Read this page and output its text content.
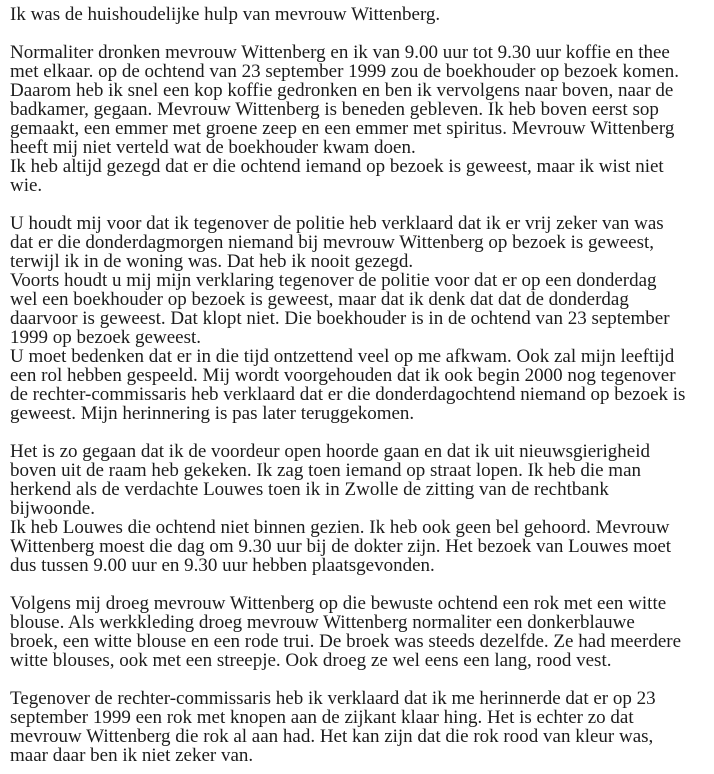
Ik was de huishoudelijke hulp van mevrouw Wittenberg.

Normaliter dronken mevrouw Wittenberg en ik van 9.00 uur tot 9.30 uur koffie en thee
met elkaar. op de ochtend van 23 september 1999 zou de boekhouder op bezoek komen.
Daarom heb ik snel een kop koffie gedronken en ben ik vervolgens naar boven, naar de
badkamer, gegaan. Mevrouw Wittenberg is beneden gebleven. Ik heb boven eerst sop
gemaakt, een emmer met groene zeep en een emmer met spiritus. Mevrouw Wittenberg
heeft mij niet verteld wat de boekhouder kwam doen.
Ik heb altijd gezegd dat er die ochtend iemand op bezoek is geweest, maar ik wist niet
wie.

U houdt mij voor dat ik tegenover de politie heb verklaard dat ik er vrij zeker van was
dat er die donderdagmorgen niemand bij mevrouw Wittenberg op bezoek is geweest,
terwijl ik in de woning was. Dat heb ik nooit gezegd.
Voorts houdt u mij mijn verklaring tegenover de politie voor dat er op een donderdag
wel een boekhouder op bezoek is geweest, maar dat ik denk dat dat de donderdag
daarvoor is geweest. Dat klopt niet. Die boekhouder is in de ochtend van 23 september
1999 op bezoek geweest.
U moet bedenken dat er in die tijd ontzettend veel op me afkwam. Ook zal mijn leeftijd
een rol hebben gespeeld. Mij wordt voorgehouden dat ik ook begin 2000 nog tegenover
de rechter-commissaris heb verklaard dat er die donderdagochtend niemand op bezoek is
geweest. Mijn herinnering is pas later teruggekomen.

Het is zo gegaan dat ik de voordeur open hoorde gaan en dat ik uit nieuwsgierigheid
boven uit de raam heb gekeken. Ik zag toen iemand op straat lopen. Ik heb die man
herkend als de verdachte Louwes toen ik in Zwolle de zitting van de rechtbank
bijwoonde.
Ik heb Louwes die ochtend niet binnen gezien. Ik heb ook geen bel gehoord. Mevrouw
Wittenberg moest die dag om 9.30 uur bij de dokter zijn. Het bezoek van Louwes moet
dus tussen 9.00 uur en 9.30 uur hebben plaatsgevonden.

Volgens mij droeg mevrouw Wittenberg op die bewuste ochtend een rok met een witte
blouse. Als werkkleding droeg mevrouw Wittenberg normaliter een donkerblauwe
broek, een witte blouse en een rode trui. De broek was steeds dezelfde. Ze had meerdere
witte blouses, ook met een streepje. Ook droeg ze wel eens een lang, rood vest.

Tegenover de rechter-commissaris heb ik verklaard dat ik me herinnerde dat er op 23
september 1999 een rok met knopen aan de zijkant klaar hing. Het is echter zo dat
mevrouw Wittenberg die rok al aan had. Het kan zijn dat die rok rood van kleur was,
maar daar ben ik niet zeker van.
